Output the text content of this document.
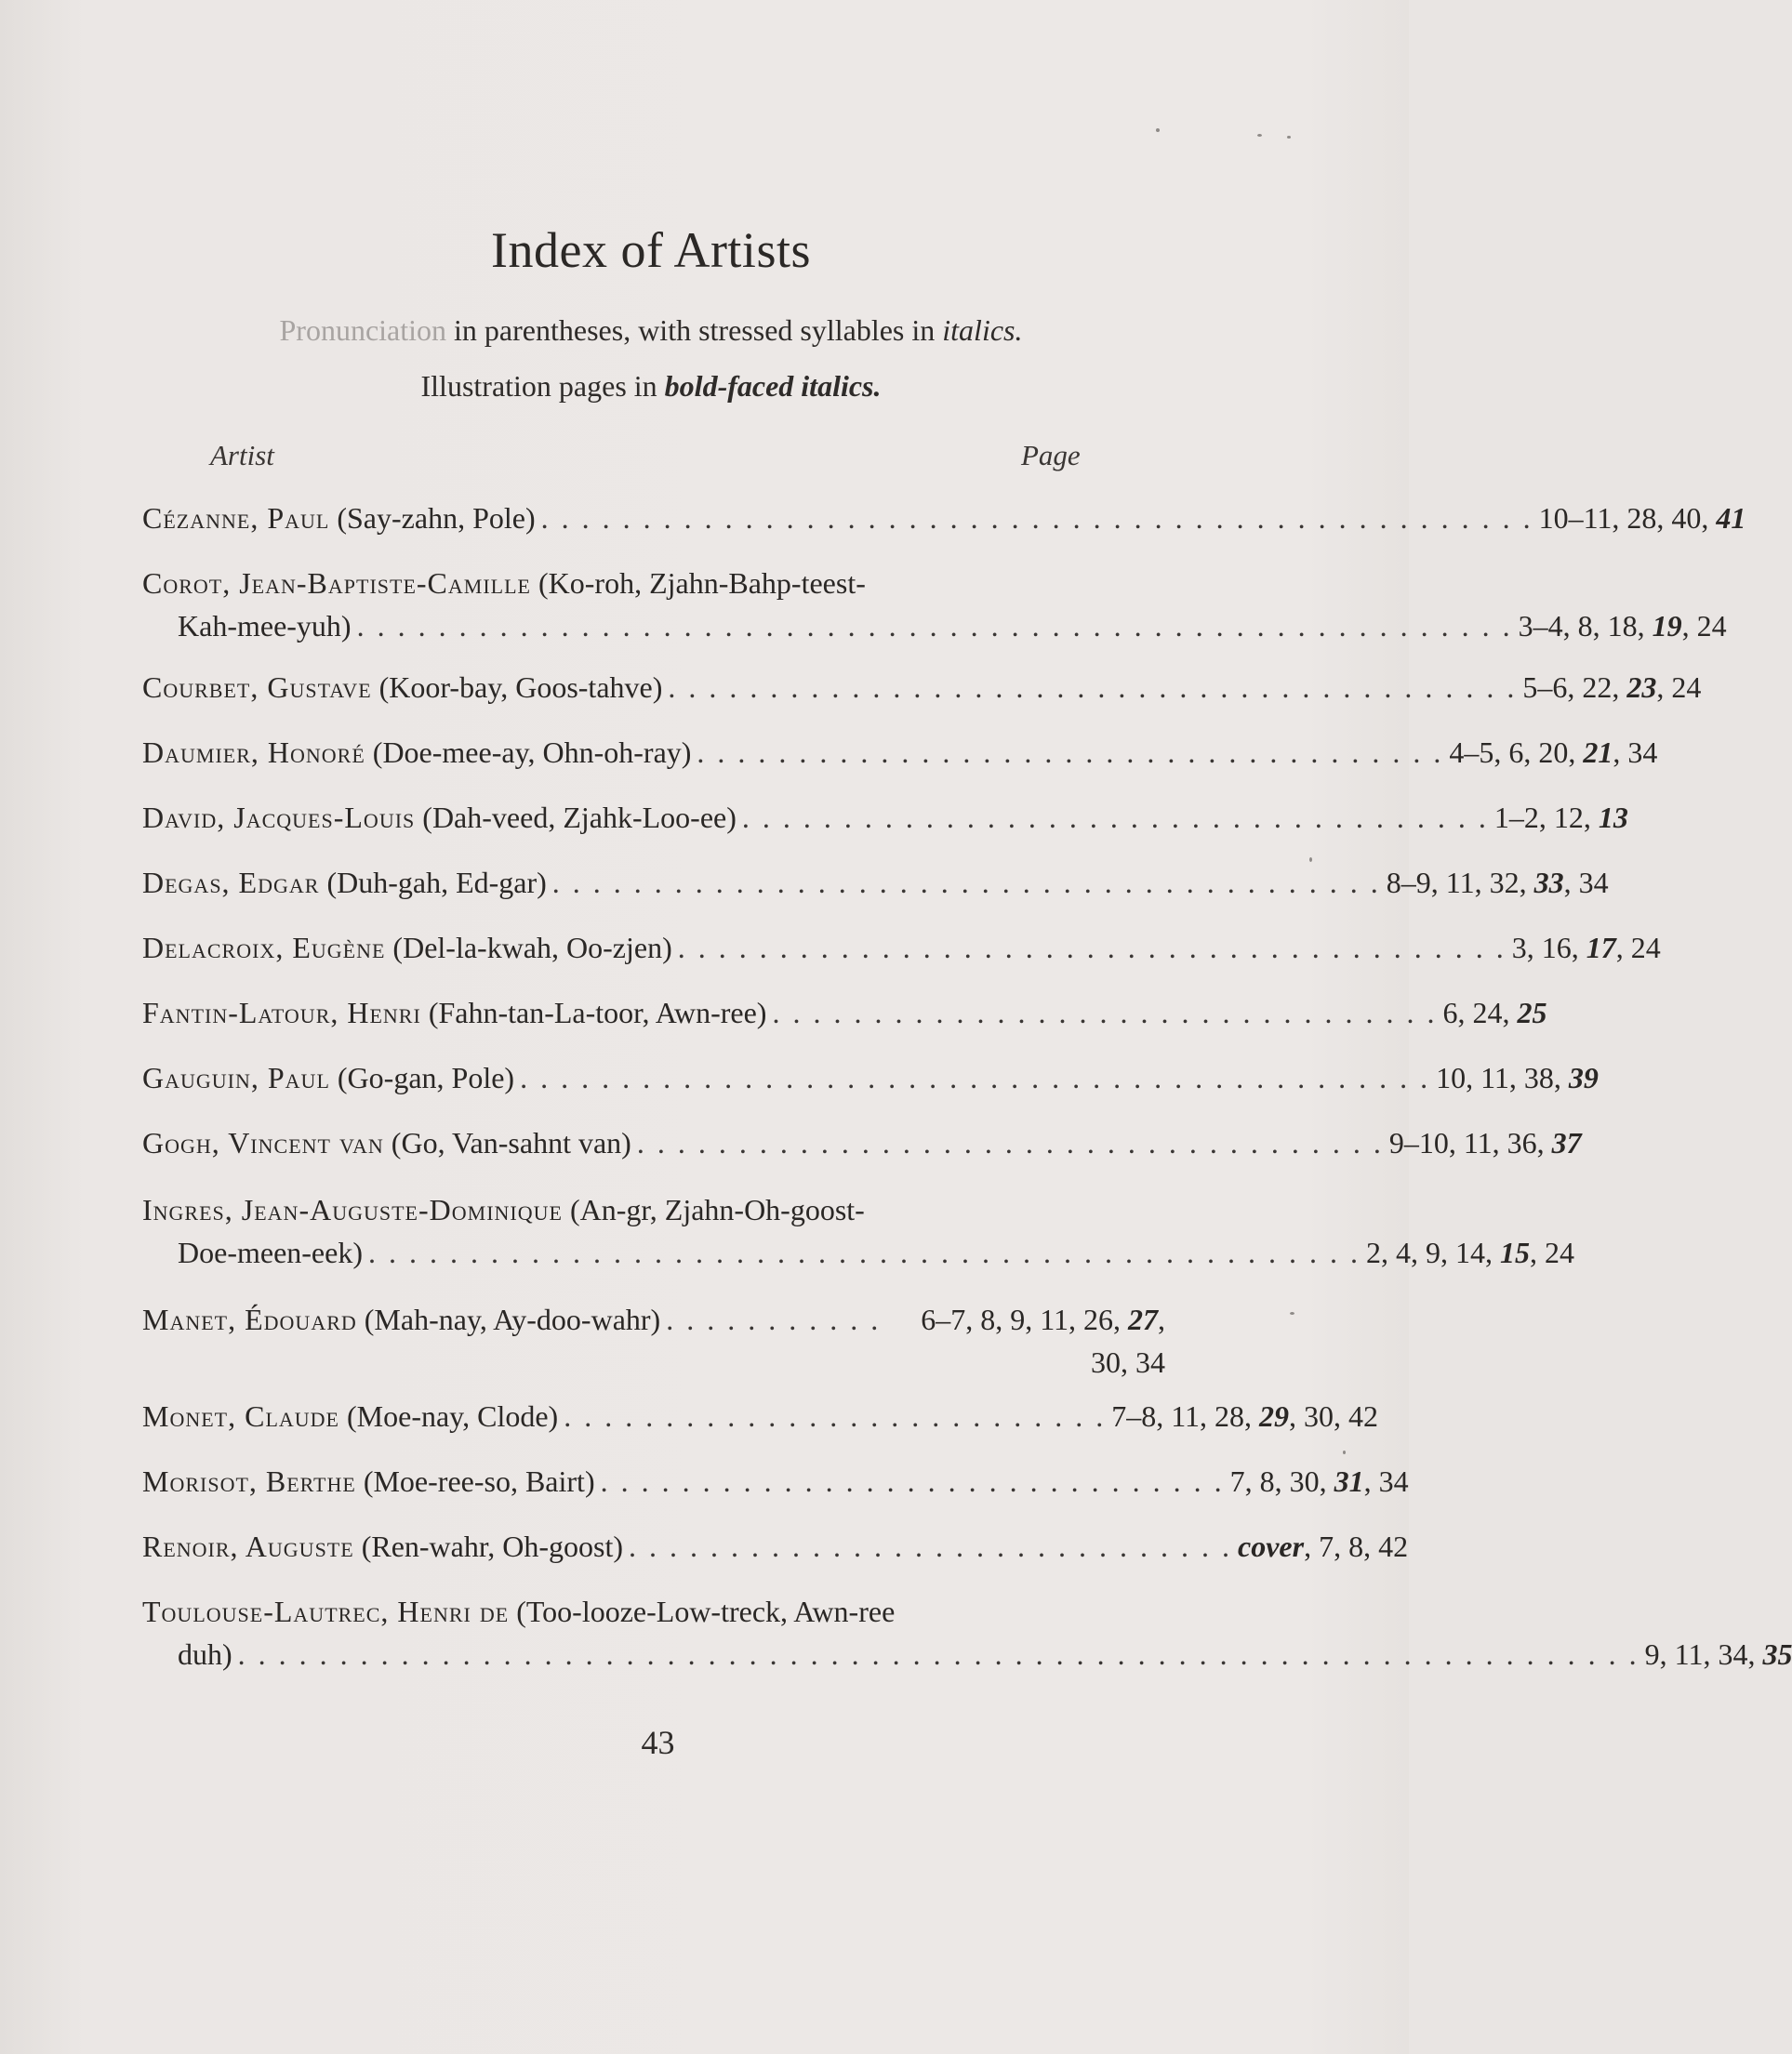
Index of Artists
Pronunciation in parentheses, with stressed syllables in italics.
Illustration pages in bold-faced italics.
Artist	Page
Cézanne, Paul
(Say-zahn, Pole) . . . . . . . . . . . . . . . . . . . . . . . . . . . . . . . . . . . . . . . . . . . . . . . . . 10–11, 28, 40, 41
Corot, Jean-Baptiste-Camille (Ko-roh, Zjahn-Bahp-teest-
Kah-mee-yuh) . . . . . . . . . . . . . . . . . . . . . . . . . . . . . . . . . . . . . . . . . . . . . . . . . . . . . . . . . 3–4, 8, 18, 19, 24
Courbet, Gustave
(Koor-bay, Goos-tahve) . . . . . . . . . . . . . . . . . . . . . . . . . . . . . . . . . . . . . . . . . . 5–6, 22, 23, 24
Daumier, Honoré
(Doe-mee-ay, Ohn-oh-ray) . . . . . . . . . . . . . . . . . . . . . . . . . . . . . . . . . . . . . 4–5, 6, 20, 21, 34
David, Jacques-Louis
(Dah-veed, Zjahk-Loo-ee) . . . . . . . . . . . . . . . . . . . . . . . . . . . . . . . . . . . . . 1–2, 12, 13
Degas, Edgar
(Duh-gah, Ed-gar) . . . . . . . . . . . . . . . . . . . . . . . . . . . . . . . . . . . . . . . . . 8–9, 11, 32, 33, 34
Delacroix, Eugène
(Del-la-kwah, Oo-zjen) . . . . . . . . . . . . . . . . . . . . . . . . . . . . . . . . . . . . . . . . . 3, 16, 17, 24
Fantin-Latour, Henri
(Fahn-tan-La-toor, Awn-ree) . . . . . . . . . . . . . . . . . . . . . . . . . . . . . . . . . 6, 24, 25
Gauguin, Paul
(Go-gan, Pole) . . . . . . . . . . . . . . . . . . . . . . . . . . . . . . . . . . . . . . . . . . . . . 10, 11, 38, 39
Gogh, Vincent van
(Go, Van-sahnt van) . . . . . . . . . . . . . . . . . . . . . . . . . . . . . . . . . . . . . 9–10, 11, 36, 37
Ingres, Jean-Auguste-Dominique (An-gr, Zjahn-Oh-goost-
Doe-meen-eek) . . . . . . . . . . . . . . . . . . . . . . . . . . . . . . . . . . . . . . . . . . . . . . . . . 2, 4, 9, 14, 15, 24
Manet, Édouard
(Mah-nay, Ay-doo-wahr) . . . . . . . . . . .	6–7, 8, 9, 11, 26, 27,
30, 34
Monet, Claude
(Moe-nay, Clode) . . . . . . . . . . . . . . . . . . . . . . . . . . . 7–8, 11, 28, 29, 30, 42
Morisot, Berthe
(Moe-ree-so, Bairt) . . . . . . . . . . . . . . . . . . . . . . . . . . . . . . . 7, 8, 30, 31, 34
Renoir, Auguste
(Ren-wahr, Oh-goost) . . . . . . . . . . . . . . . . . . . . . . . . . . . . . . cover, 7, 8, 42
Toulouse-Lautrec, Henri de (Too-looze-Low-treck, Awn-ree
duh) . . . . . . . . . . . . . . . . . . . . . . . . . . . . . . . . . . . . . . . . . . . . . . . . . . . . . . . . . . . . . . . . . . . . . 9, 11, 34, 35
43
